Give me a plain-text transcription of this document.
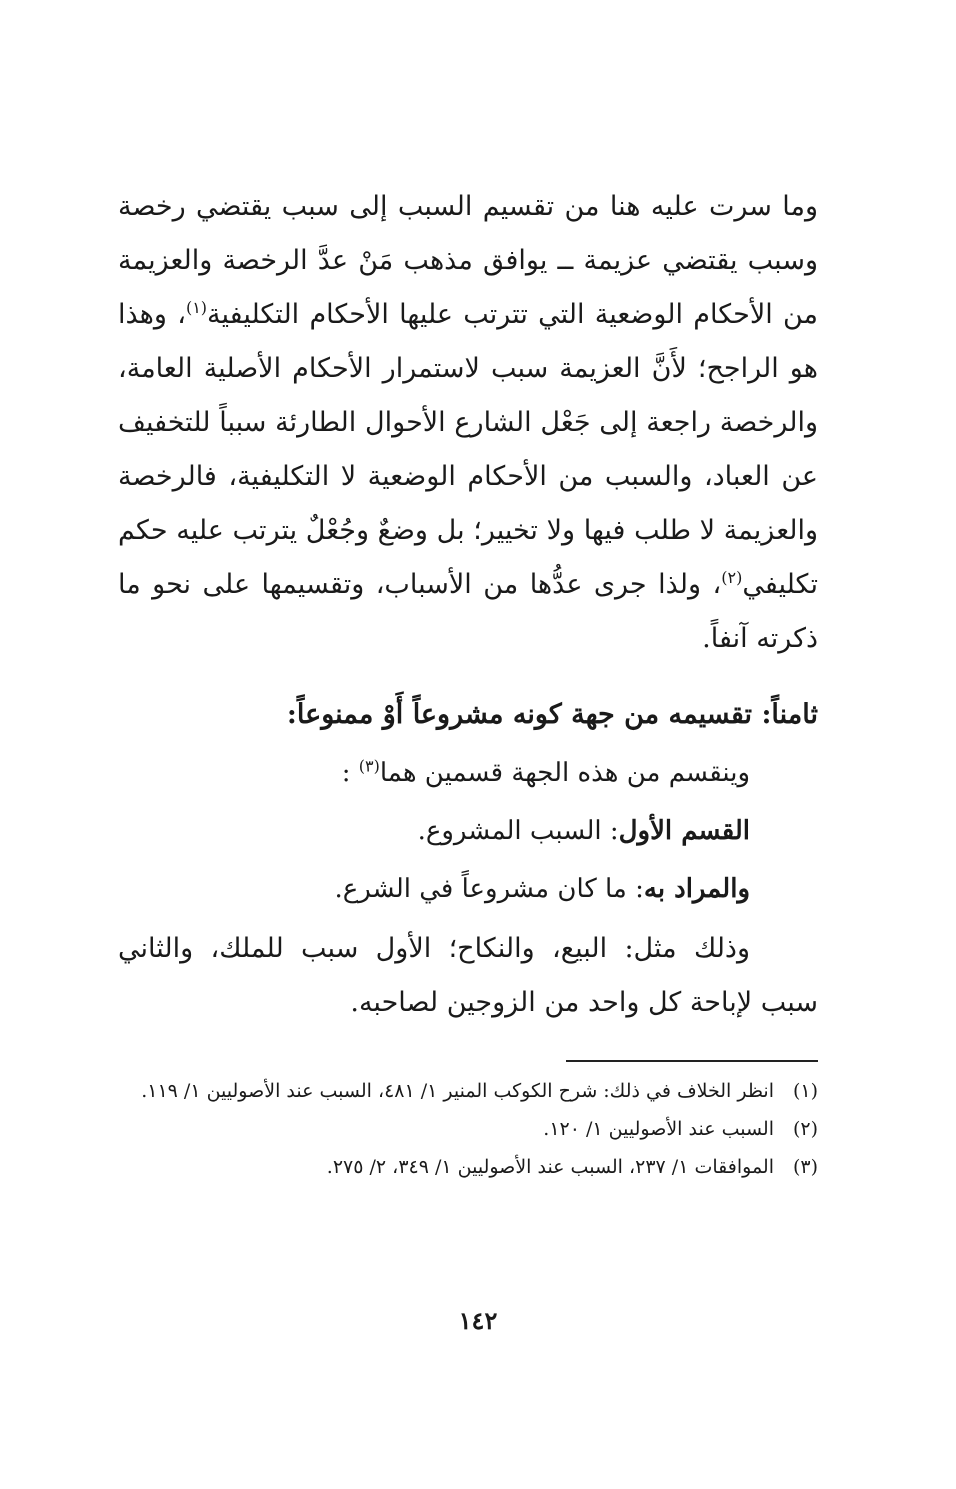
وما سرت عليه هنا من تقسيم السبب إلى سبب يقتضي رخصة وسبب يقتضي عزيمة ــ يوافق مذهب مَنْ عدَّ الرخصة والعزيمة من الأحكام الوضعية التي تترتب عليها الأحكام التكليفية$^{(١)}$، وهذا هو الراجح؛ لأَنَّ العزيمة سبب لاستمرار الأحكام الأصلية العامة، والرخصة راجعة إلى جَعْل الشارع الأحوال الطارئة سبباً للتخفيف عن العباد، والسبب من الأحكام الوضعية لا التكليفية، فالرخصة والعزيمة لا طلب فيها ولا تخيير؛ بل وضعٌ وجُعْلٌ يترتب عليه حكم تكليفي$^{(٢)}$، ولذا جرى عدُّها من الأسباب، وتقسيمها على نحو ما ذكرته آنفاً.

ثامناً: تقسيمه من جهة كونه مشروعاً أَوْ ممنوعاً:
وينقسم من هذه الجهة قسمين هما$^{(٣)}$ :
القسم الأول: السبب المشروع.
والمراد به: ما كان مشروعاً في الشرع.

وذلك مثل: البيع، والنكاح؛ الأول سبب للملك، والثاني سبب لإباحة كل واحد من الزوجين لصاحبه.

(١)
انظر الخلاف في ذلك: شرح الكوكب المنير ١/ ٤٨١، السبب عند الأصوليين ١/ ١١٩.
(٢)
السبب عند الأصوليين ١/ ١٢٠.
(٣)
الموافقات ١/ ٢٣٧، السبب عند الأصوليين ١/ ٣٤٩، ٢/ ٢٧٥.
١٤٢
